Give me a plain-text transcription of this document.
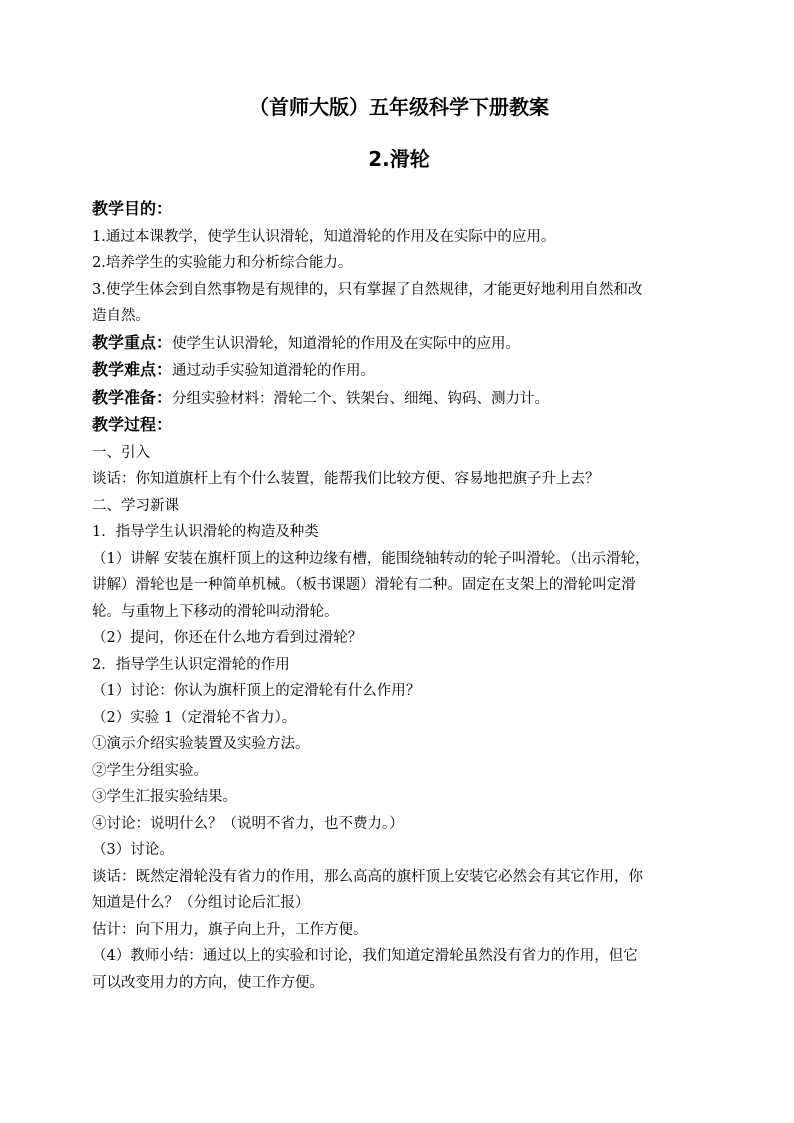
（首师大版）五年级科学下册教案
2.滑轮

教学目的：

1.通过本课教学，使学生认识滑轮，知道滑轮的作用及在实际中的应用。

2.培养学生的实验能力和分析综合能力。

3.使学生体会到自然事物是有规律的，只有掌握了自然规律，才能更好地利用自然和改

造自然。

教学重点：使学生认识滑轮，知道滑轮的作用及在实际中的应用。

教学难点：通过动手实验知道滑轮的作用。

教学准备：分组实验材料：滑轮二个、铁架台、细绳、钩码、测力计。

教学过程：

一、引入

谈话：你知道旗杆上有个什么装置，能帮我们比较方便、容易地把旗子升上去？

二、学习新课

1．指导学生认识滑轮的构造及种类

（1）讲解 安装在旗杆顶上的这种边缘有槽，能围绕轴转动的轮子叫滑轮。（出示滑轮，

讲解）滑轮也是一种简单机械。（板书课题）滑轮有二种。固定在支架上的滑轮叫定滑

轮。与重物上下移动的滑轮叫动滑轮。

（2）提问，你还在什么地方看到过滑轮？

2．指导学生认识定滑轮的作用

（1）讨论：你认为旗杆顶上的定滑轮有什么作用？

（2）实验 1（定滑轮不省力）。

①演示介绍实验装置及实验方法。

②学生分组实验。

③学生汇报实验结果。

④讨论：说明什么？（说明不省力，也不费力。）

（3）讨论。

谈话：既然定滑轮没有省力的作用，那么高高的旗杆顶上安装它必然会有其它作用，你

知道是什么？（分组讨论后汇报）

估计：向下用力，旗子向上升，工作方便。

（4）教师小结：通过以上的实验和讨论，我们知道定滑轮虽然没有省力的作用，但它

可以改变用力的方向，使工作方便。
